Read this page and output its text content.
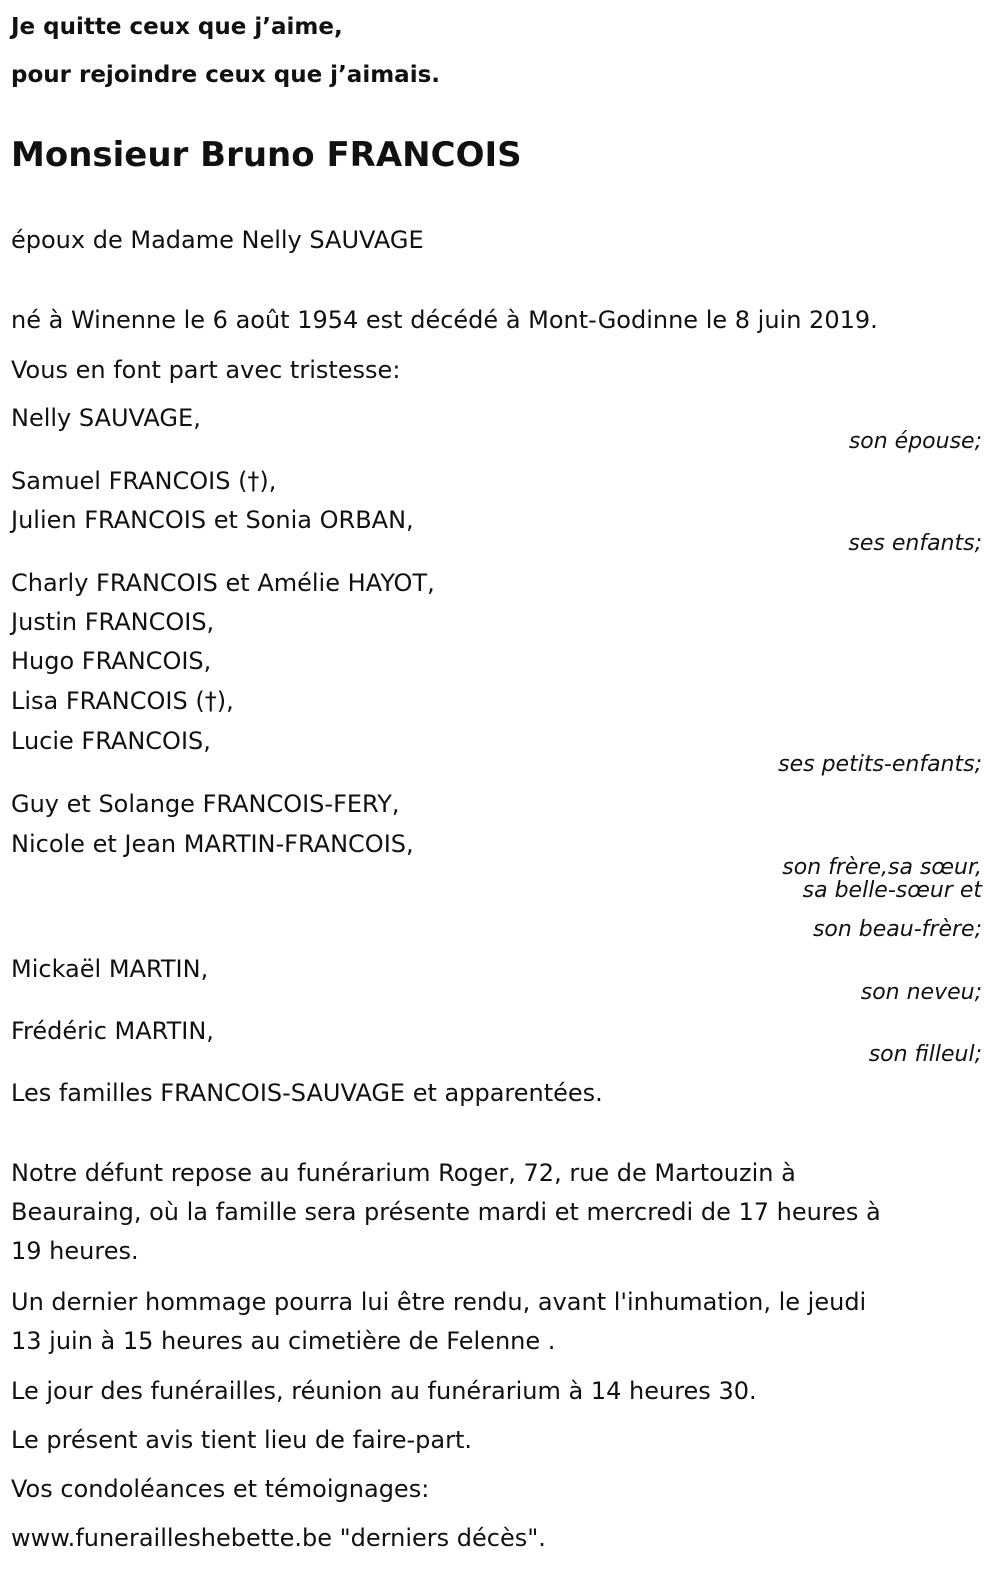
Je quitte ceux que j’aime,
pour rejoindre ceux que j’aimais.
Monsieur Bruno FRANCOIS
époux de Madame Nelly SAUVAGE
né à Winenne le 6 août 1954 est décédé à Mont-Godinne le 8 juin 2019.
Vous en font part avec tristesse:
Nelly SAUVAGE,
son épouse;
Samuel FRANCOIS (†),
Julien FRANCOIS et Sonia ORBAN,
ses enfants;
Charly FRANCOIS et Amélie HAYOT,
Justin FRANCOIS,
Hugo FRANCOIS,
Lisa FRANCOIS (†),
Lucie FRANCOIS,
ses petits-enfants;
Guy et Solange FRANCOIS-FERY,
Nicole et Jean MARTIN-FRANCOIS,
son frère,sa sœur,
sa belle-sœur et
son beau-frère;
Mickaël MARTIN,
son neveu;
Frédéric MARTIN,
son filleul;
Les familles FRANCOIS-SAUVAGE et apparentées.
Notre défunt repose au funérarium Roger, 72, rue de Martouzin à
Beauraing, où la famille sera présente mardi et mercredi de 17 heures à
19 heures.
Un dernier hommage pourra lui être rendu, avant l'inhumation, le jeudi
13 juin à 15 heures au cimetière de Felenne .
Le jour des funérailles, réunion au funérarium à 14 heures 30.
Le présent avis tient lieu de faire-part.
Vos condoléances et témoignages:
www.funerailleshebette.be "derniers décès".
